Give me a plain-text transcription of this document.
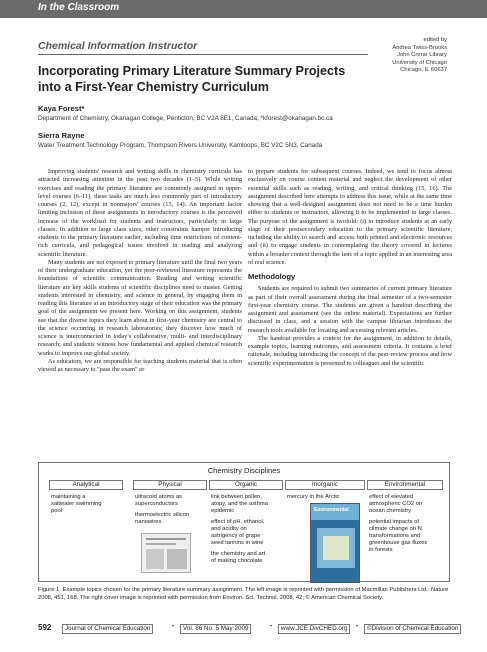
In the Classroom
Chemical Information Instructor	edited by
Andrea Twiss-Brooks
John Crerar Library
University of Chicago
Chicago, IL 60637
Incorporating Primary Literature Summary Projects
into a First-Year Chemistry Curriculum
Kaya Forest*
Department of Chemistry, Okanagan College, Penticton, BC V2A 8E1, Canada; *kforest@okanagan.bc.ca
Sierra Rayne
Water Treatment Technology Program, Thompson Rivers University, Kamloops, BC V2C 5N3, Canada

Improving students' research and writing skills in chemistry curricula has attracted increasing attention in the past two decades (1–5). While writing exercises and reading the primary literature are commonly assigned in upper-level courses (6–11), these tasks are much less commonly part of introductory courses (2, 12), except in nonmajors' courses (13, 14). An important factor limiting inclusion of these assignments in introductory courses is the perceived increase of the workload for students and instructors, particularly in large classes. In addition to large class sizes, other constraints hamper introducing students to the primary literature earlier, including time restrictions of content-rich curricula, and pedagogical issues involved in reading and analyzing scientific literature.

Many students are not exposed to primary literature until the final two years of their undergraduate education, yet the peer-reviewed literature represents the foundations of scientific communication. Reading and writing scientific literature are key skills students of scientific disciplines need to master. Getting students interested in chemistry, and science in general, by engaging them in reading this literature at an introductory stage of their education was the primary goal of the assignment we present here. Working on this assignment, students see that the diverse topics they learn about in first-year chemistry are central to the science occurring in research laboratories; they discover how much of science is interconnected in today's collaborative, multi- and interdisciplinary research; and students witness how fundamental and applied chemical research works to improve our global society.

As educators, we are responsible for teaching students material that is often viewed as necessary to "pass the exam" or

to prepare students for subsequent courses. Indeed, we tend to focus almost exclusively on course content material and neglect the development of other essential skills such as reading, writing, and critical thinking (15, 16). The assignment described here attempts to address this issue, while at the same time showing that a well-designed assignment does not need to be a time burden either to students or instructors, allowing it to be implemented in large classes. The purpose of the assignment is twofold: (i) to introduce students at an early stage of their postsecondary education to the primary scientific literature, including the ability to search and access both printed and electronic resources and (ii) to engage students in contemplating the theory covered in lectures within a broader context through the lens of a topic applied in an interesting area of real science.

Methodology

Students are required to submit two summaries of current primary literature as part of their overall assessment during the final semester of a two-semester first-year chemistry course. The students are given a handout describing the assignment and assessment (see the online material). Expectations are further discussed in class, and a session with the campus librarian introduces the research tools available for locating and accessing relevant articles.

The handout provides a context for the assignment, in addition to details, example topics, learning outcomes, and assessment criteria. It contains a brief rationale, including introducing the concept of the peer-review process and how scientific experimentation is presented to colleagues and the scientific

Chemistry Disciplines
Analytical	Physical	Organic	Inorganic	Environmental
maintaining a
saltwater swimming
pool
ultracold atoms as
superconductors
thermoelectric silicon
nanowires
link between pollen,
atopy, and the asthma
epidemic
effect of pH, ethanol,
and acidity on
astrigency of grape
seed tannins in wine
the chemistry and art
of making chocolate
mercury in the Arctic
Environmental
effect of elevated
atmospheric CO2 on
ocean chemistry
potential impacts of
climate change on N
transformations and
greenhouse gas fluxes
in forests
Figure 1. Example topics chosen for the primary literature summary assignment. The left image is reprinted with permission of Macmillan Publishers Ltd.: Nature 2008, 451, 168. The right cover image is reprinted with permission from Environ. Sci. Technol. 2008, 42; © American Chemical Society.
592	Journal of Chemical Education	•	Vol. 86 No. 5 May 2009	•	www.JCE.DivCHED.org	•	©Division of Chemical Education
